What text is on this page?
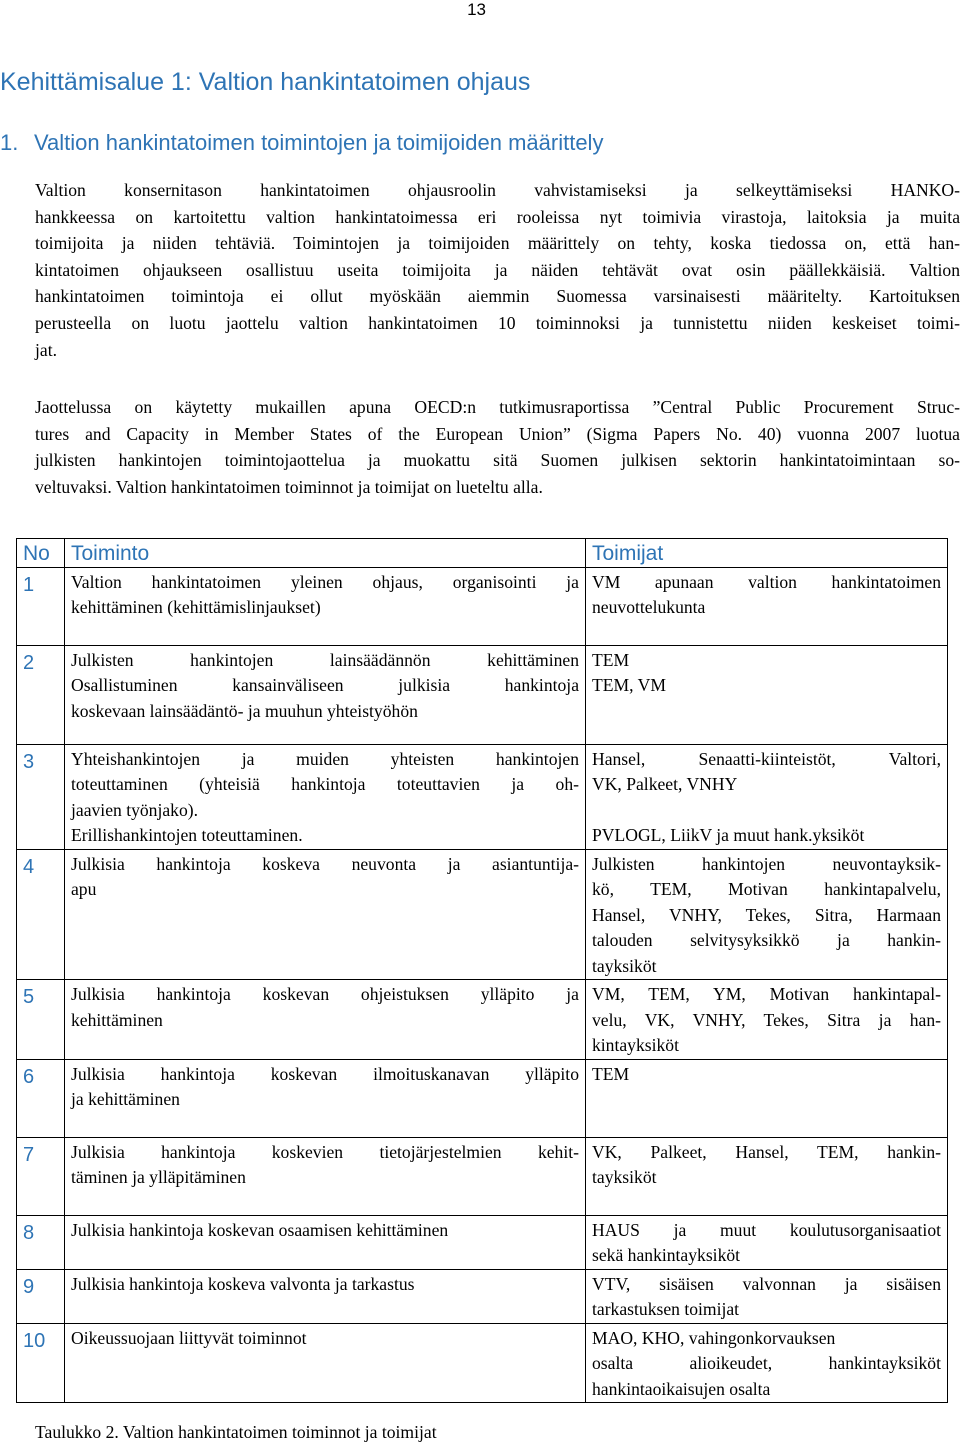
13
Kehittämisalue 1: Valtion hankintatoimen ohjaus
1. Valtion hankintatoimen toimintojen ja toimijoiden määrittely
Valtion konsernitason hankintatoimen ohjausroolin vahvistamiseksi ja selkeyttämiseksi HANKO-
hankkeessa on kartoitettu valtion hankintatoimessa eri rooleissa nyt toimivia virastoja, laitoksia ja muita
toimijoita ja niiden tehtäviä. Toimintojen ja toimijoiden määrittely on tehty, koska tiedossa on, että han-
kintatoimen ohjaukseen osallistuu useita toimijoita ja näiden tehtävät ovat osin päällekkäisiä. Valtion
hankintatoimen toimintoja ei ollut myöskään aiemmin Suomessa varsinaisesti määritelty. Kartoituksen
perusteella on luotu jaottelu valtion hankintatoimen 10 toiminnoksi ja tunnistettu niiden keskeiset toimi-
jat.
Jaottelussa on käytetty mukaillen apuna OECD:n tutkimusraportissa ”Central Public Procurement Struc-
tures and Capacity in Member States of the European Union” (Sigma Papers No. 40) vuonna 2007 luotua
julkisten hankintojen toimintojaottelua ja muokattu sitä Suomen julkisen sektorin hankintatoimintaan so-
veltuvaksi. Valtion hankintatoimen toiminnot ja toimijat on lueteltu alla.
No	Toiminto	Toimijat
1	Valtion hankintatoimen yleinen ohjaus, organisointi ja
kehittäminen (kehittämislinjaukset)	VM apunaan valtion hankintatoimen
neuvottelukunta

2	Julkisten hankintojen lainsäädännön kehittäminen
Osallistuminen kansainväliseen julkisia hankintoja
koskevaan lainsäädäntö- ja muuhun yhteistyöhön	TEM
TEM, VM

3	Yhteishankintojen ja muiden yhteisten hankintojen
toteuttaminen (yhteisiä hankintoja toteuttavien ja oh-
jaavien työnjako).
Erillishankintojen toteuttaminen.	Hansel, Senaatti-kiinteistöt, Valtori,
VK, Palkeet, VNHY

PVLOGL, LiikV ja muut hank.yksiköt

4	Julkisia hankintoja koskeva neuvonta ja asiantuntija-
apu	Julkisten hankintojen neuvontayksik-
kö, TEM, Motivan hankintapalvelu,
Hansel, VNHY, Tekes, Sitra, Harmaan
talouden selvitysyksikkö ja hankin-
tayksiköt

5	Julkisia hankintoja koskevan ohjeistuksen ylläpito ja
kehittäminen	VM, TEM, YM, Motivan hankintapal-
velu, VK, VNHY, Tekes, Sitra ja han-
kintayksiköt

6	Julkisia hankintoja koskevan ilmoituskanavan ylläpito
ja kehittäminen	TEM

7	Julkisia hankintoja koskevien tietojärjestelmien kehit-
täminen ja ylläpitäminen	VK, Palkeet, Hansel, TEM, hankin-
tayksiköt

8	Julkisia hankintoja koskevan osaamisen kehittäminen	HAUS ja muut koulutusorganisaatiot
sekä hankintayksiköt

9	Julkisia hankintoja koskeva valvonta ja tarkastus	VTV, sisäisen valvonnan ja sisäisen
tarkastuksen toimijat

10	Oikeussuojaan liittyvät toiminnot	MAO, KHO, vahingonkorvauksen
osalta alioikeudet, hankintayksiköt
hankintaoikaisujen osalta
Taulukko 2. Valtion hankintatoimen toiminnot ja toimijat
